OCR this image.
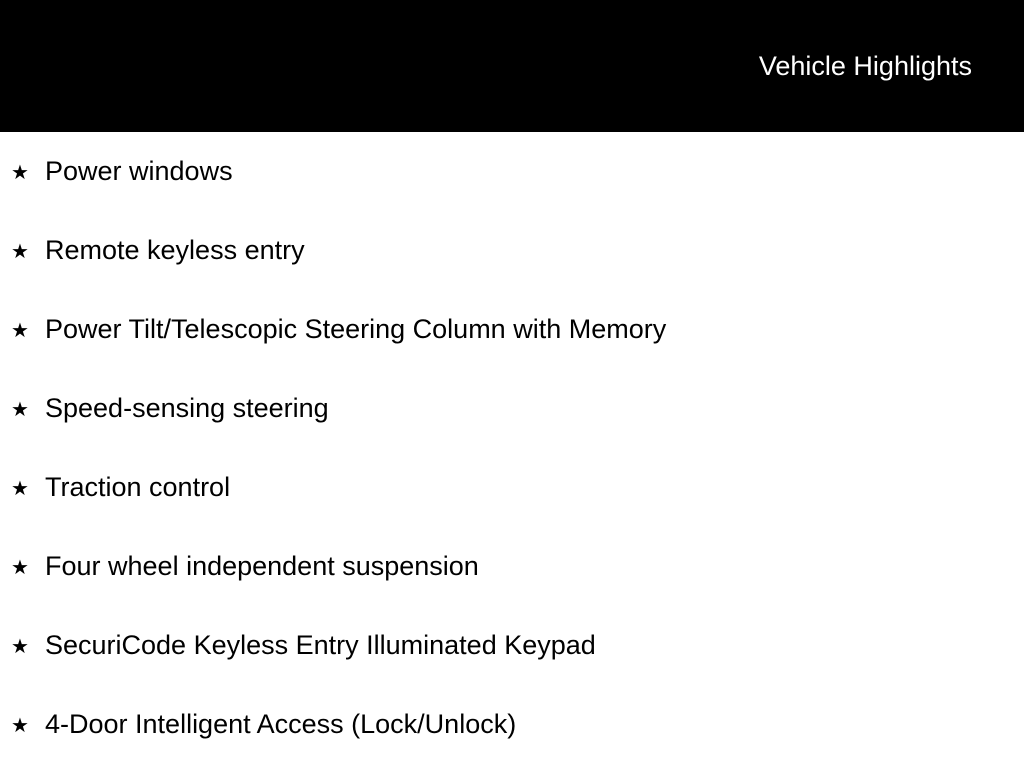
Vehicle Highlights
★ Power windows
★ Remote keyless entry
★ Power Tilt/Telescopic Steering Column with Memory
★ Speed-sensing steering
★ Traction control
★ Four wheel independent suspension
★ SecuriCode Keyless Entry Illuminated Keypad
★ 4-Door Intelligent Access (Lock/Unlock)
